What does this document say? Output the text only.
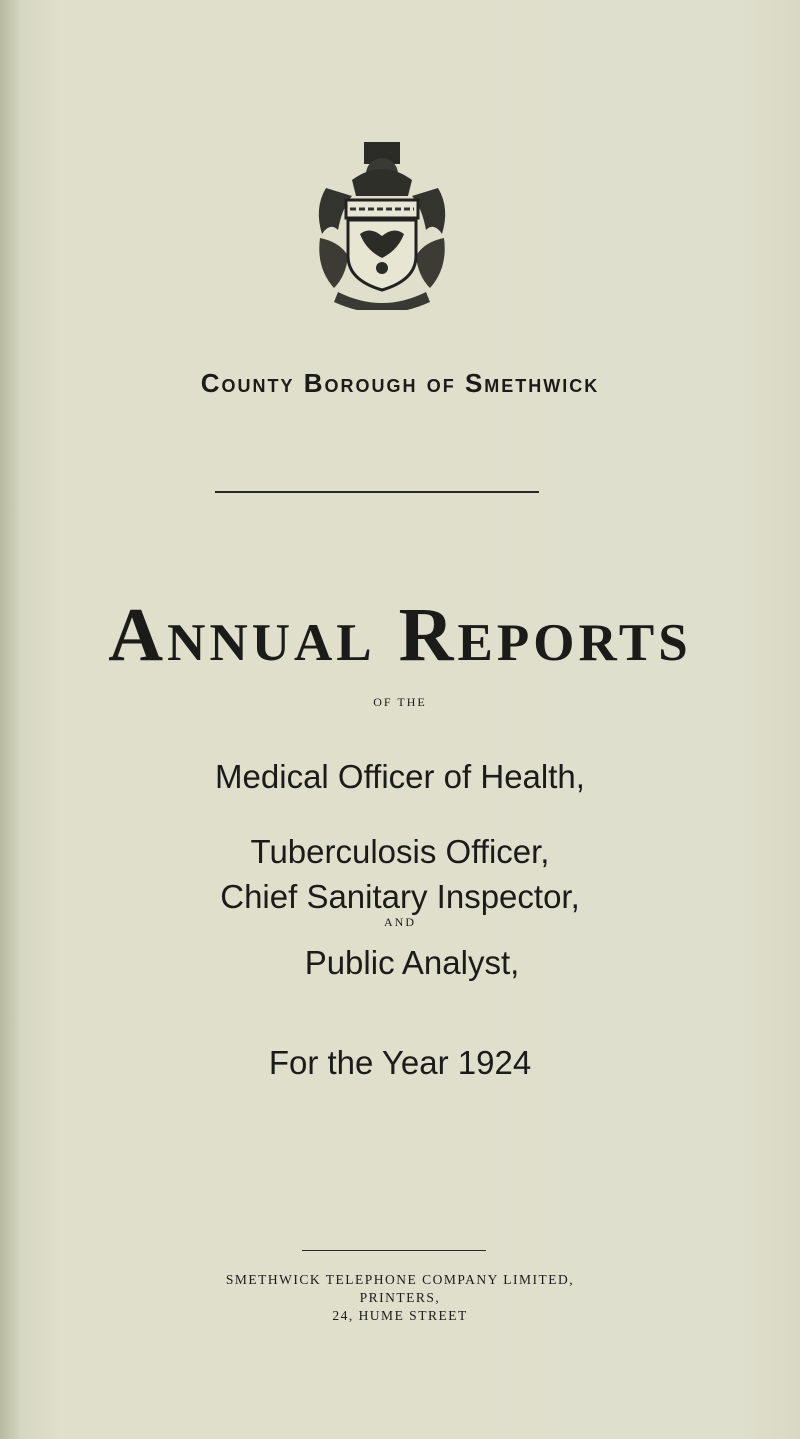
County Borough of Smethwick
Annual Reports
OF THE
Medical Officer of Health,
Tuberculosis Officer,
Chief Sanitary Inspector,
AND
Public Analyst,
For the Year 1924
SMETHWICK TELEPHONE COMPANY LIMITED,
PRINTERS,
24, HUME STREET
